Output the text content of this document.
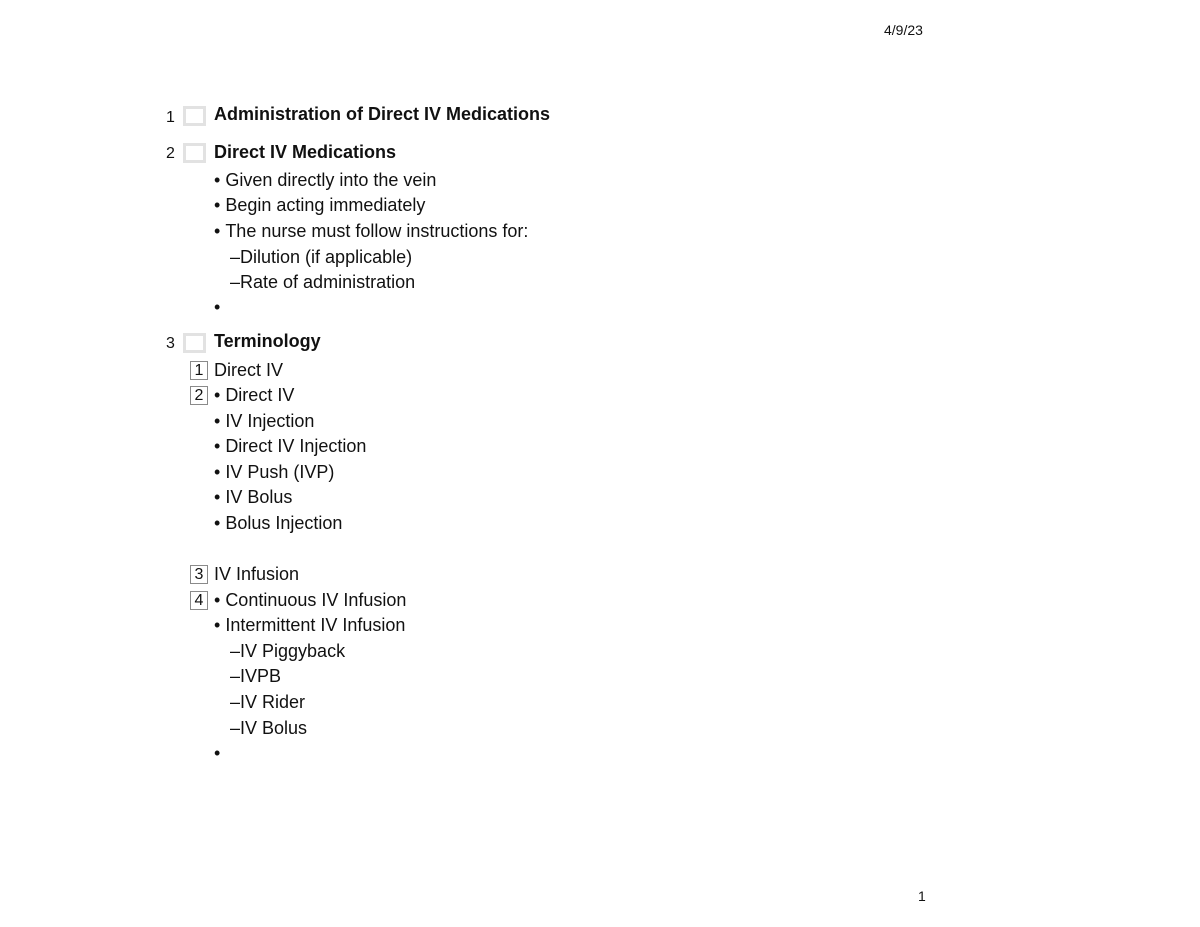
4/9/23
1
1 Administration of Direct IV Medications
2 Direct IV Medications
• Given directly into the vein
• Begin acting immediately
• The nurse must follow instructions for:
– Dilution (if applicable)
– Rate of administration
•
3 Terminology
1 Direct IV
2	• Direct IV
• IV Injection
• Direct IV Injection
• IV Push (IVP)
• IV Bolus
• Bolus Injection
3 IV Infusion
4	• Continuous IV Infusion
• Intermittent IV Infusion
– IV Piggyback
– IVPB
– IV Rider
– IV Bolus
•
